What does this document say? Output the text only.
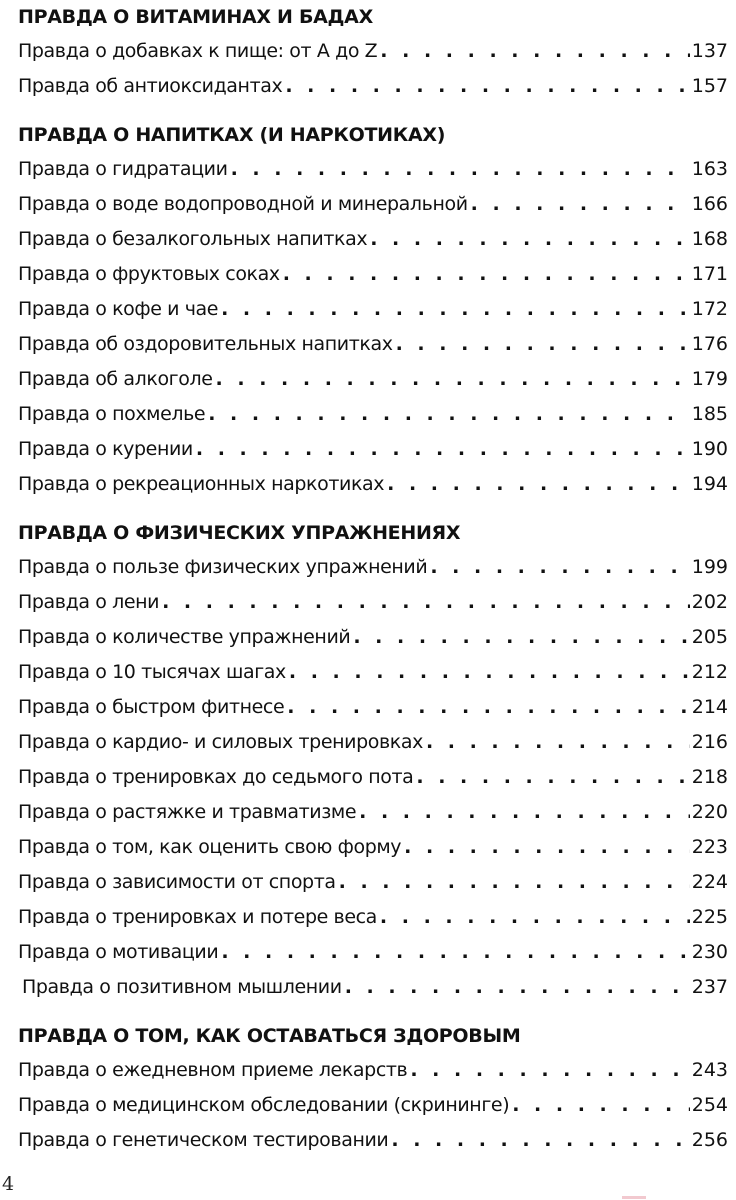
ПРАВДА О ВИТАМИНАХ И БАДАХ
Правда о добавках к пище: от A до Z . . .	137
Правда об антиоксидантах . . .	157
ПРАВДА О НАПИТКАХ (И НАРКОТИКАХ)
Правда о гидратации . . .	163
Правда о воде водопроводной и минеральной . . .	166
Правда о безалкогольных напитках . . .	168
Правда о фруктовых соках . . .	171
Правда о кофе и чае . . .	172
Правда об оздоровительных напитках . . .	176
Правда об алкоголе . . .	179
Правда о похмелье . . .	185
Правда о курении . . .	190
Правда о рекреационных наркотиках . . .	194
ПРАВДА О ФИЗИЧЕСКИХ УПРАЖНЕНИЯХ
Правда о пользе физических упражнений . . .	199
Правда о лени . . .	202
Правда о количестве упражнений . . .	205
Правда о 10 тысячах шагах . . .	212
Правда о быстром фитнесе . . .	214
Правда о кардио- и силовых тренировках . . .	216
Правда о тренировках до седьмого пота . . .	218
Правда о растяжке и травматизме . . .	220
Правда о том, как оценить свою форму . . .	223
Правда о зависимости от спорта . . .	224
Правда о тренировках и потере веса . . .	225
Правда о мотивации . . .	230
Правда о позитивном мышлении . . .	237
ПРАВДА О ТОМ, КАК ОСТАВАТЬСЯ ЗДОРОВЫМ
Правда о ежедневном приеме лекарств . . .	243
Правда о медицинском обследовании (скрининге) . . .	254
Правда о генетическом тестировании . . .	256
4
